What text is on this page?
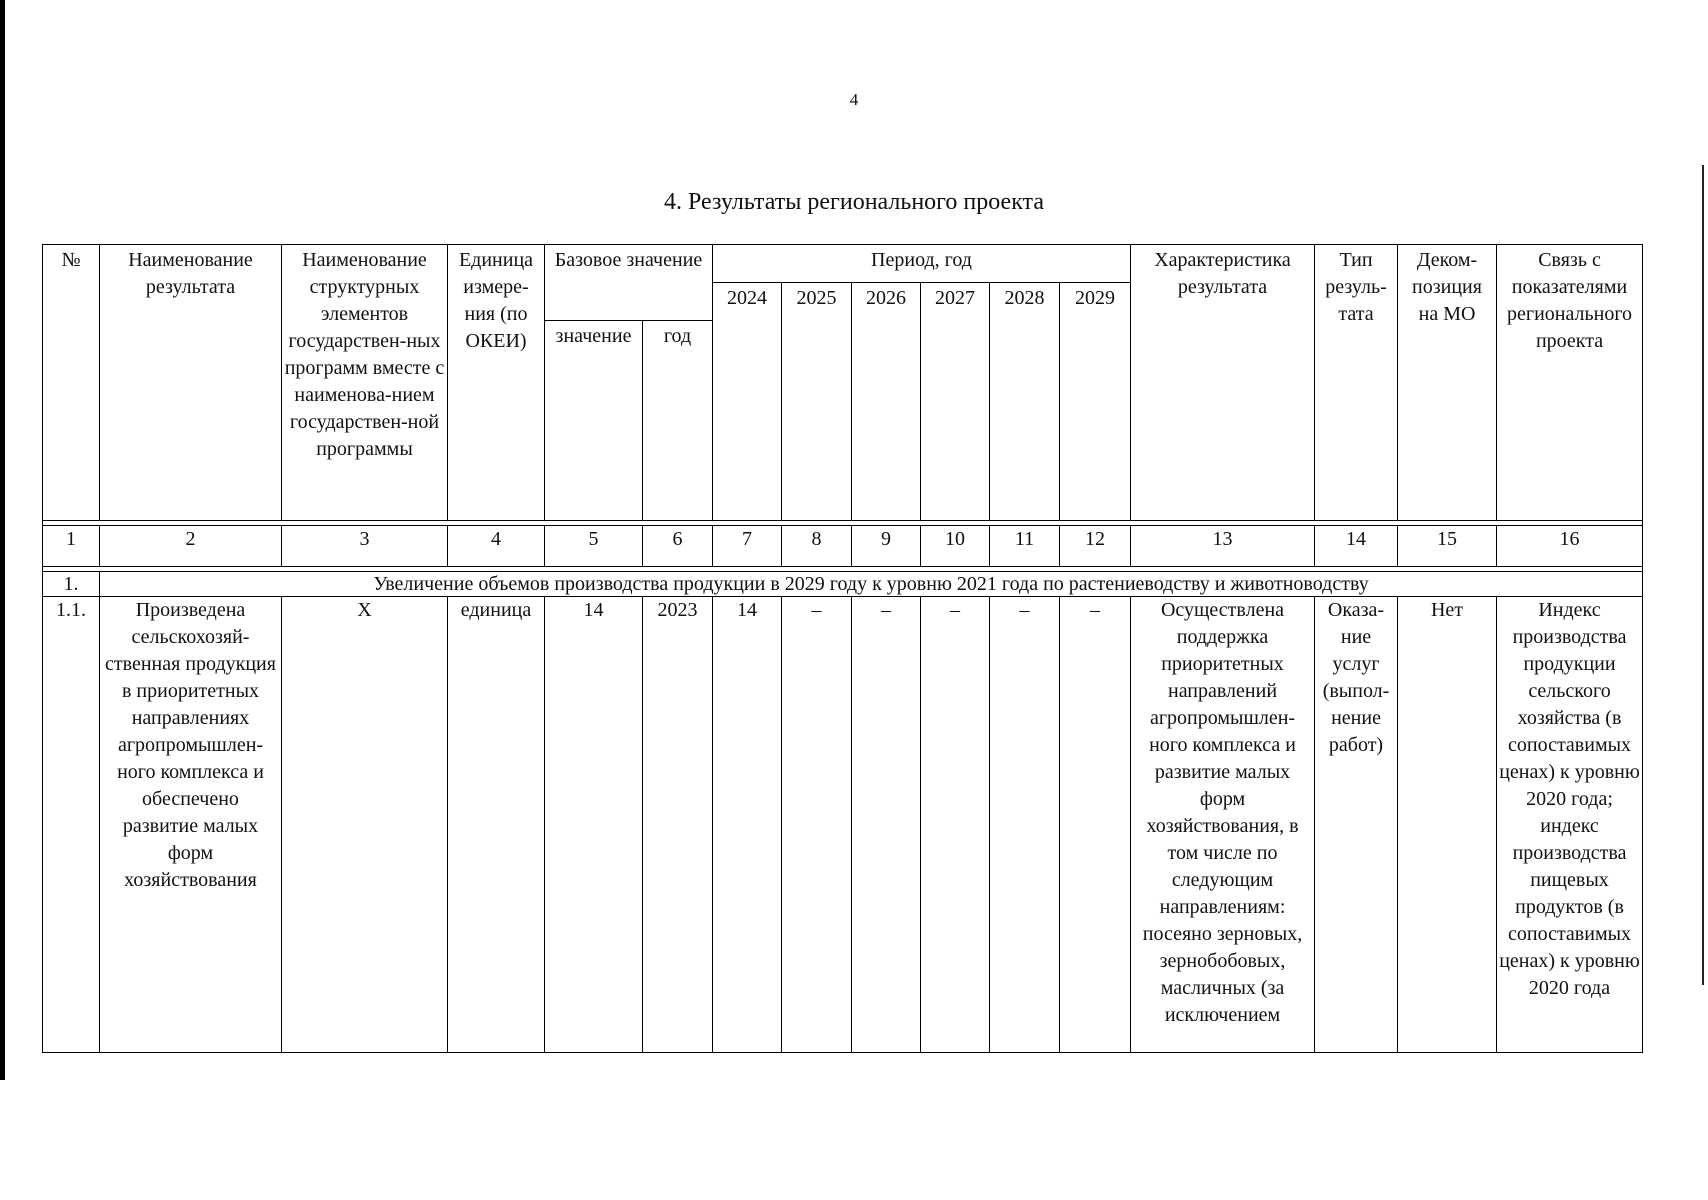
4
4. Результаты регионального проекта
№	Наименование результата	Наименование структурных элементов государствен-ных программ вместе с наименова-нием государствен-ной программы	Единица измере-ния (по ОКЕИ)	Базовое значение		Период, год						Характеристика результата	Тип резуль-тата	Деком-позиция на МО	Связь с показателями регионального проекта

						2024	2025	2026	2027	2028	2029				

				значение	год										

1	2	3	4	5	6	7	8	9	10	11	12	13	14	15	16

1.	Увеличение объемов производства продукции в 2029 году к уровню 2021 года по растениеводству и животноводству														
1.1.	Произведена сельскохозяй-ственная продукция в приоритетных направлениях агропромышлен-ного комплекса и обеспечено развитие малых форм хозяйствования	X	единица	14	2023	14	–	–	–	–	–	Осуществлена поддержка приоритетных направлений агропромышлен-ного комплекса и развитие малых форм хозяйствования, в том числе по следующим направлениям: посеяно зерновых, зернобобовых, масличных (за исключением	Оказа-ние услуг (выпол-нение работ)	Нет	Индекс производства продукции сельского хозяйства (в сопоставимых ценах) к уровню 2020 года; индекс производства пищевых продуктов (в сопоставимых ценах) к уровню 2020 года
